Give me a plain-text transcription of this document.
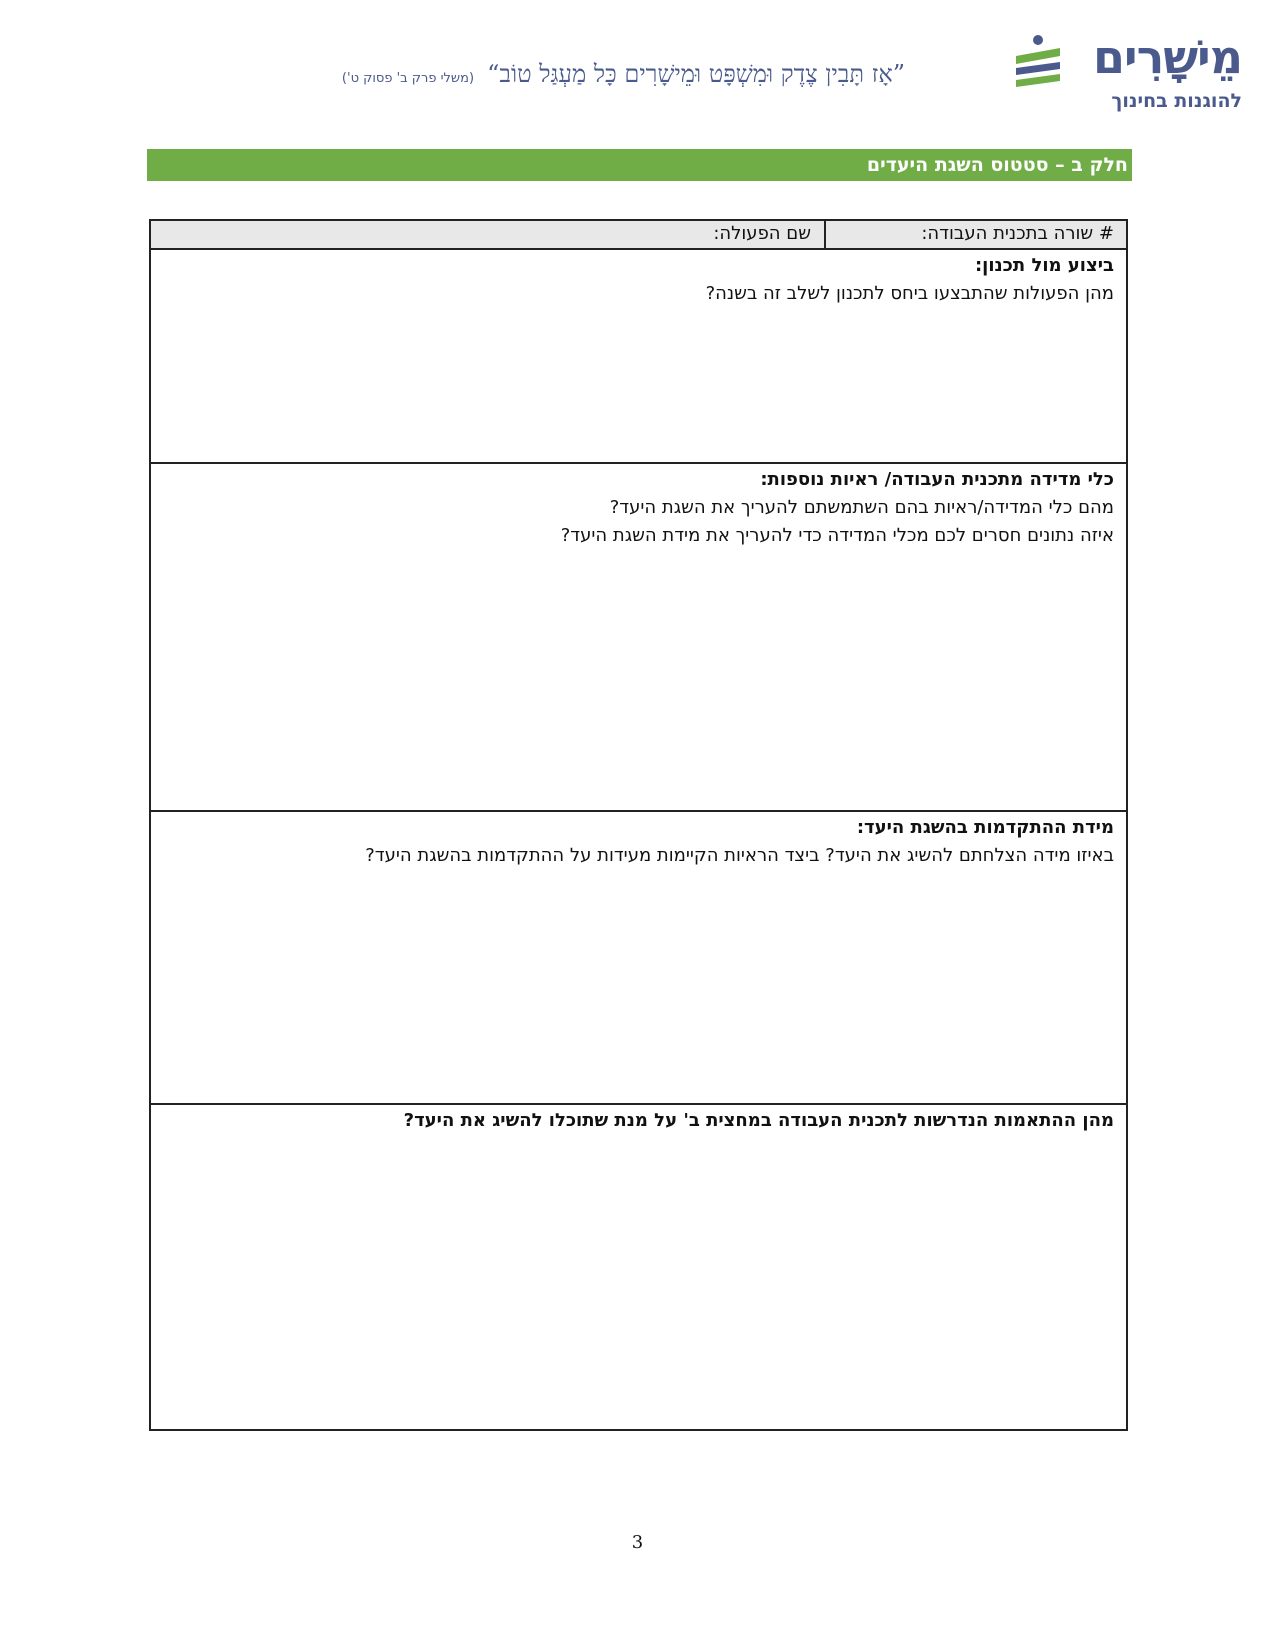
מֵישָׁרִים
להוגנות בחינוך
”אָז תָּבִין צֶדֶק וּמִשְׁפָּט וּמֵישָׁרִים כָּל מַעְגַּל טוֹב“ (משלי פרק ב' פסוק ט')
חלק ב – סטטוס השגת היעדים
# שורה בתכנית העבודה:
שם הפעולה:
ביצוע מול תכנון:
מהן הפעולות שהתבצעו ביחס לתכנון לשלב זה בשנה?
כלי מדידה מתכנית העבודה/ ראיות נוספות:
מהם כלי המדידה/ראיות בהם השתמשתם להעריך את השגת היעד?
איזה נתונים חסרים לכם מכלי המדידה כדי להעריך את מידת השגת היעד?
מידת ההתקדמות בהשגת היעד:
באיזו מידה הצלחתם להשיג את היעד? ביצד הראיות הקיימות מעידות על ההתקדמות בהשגת היעד?
מהן ההתאמות הנדרשות לתכנית העבודה במחצית ב' על מנת שתוכלו להשיג את היעד?
3
